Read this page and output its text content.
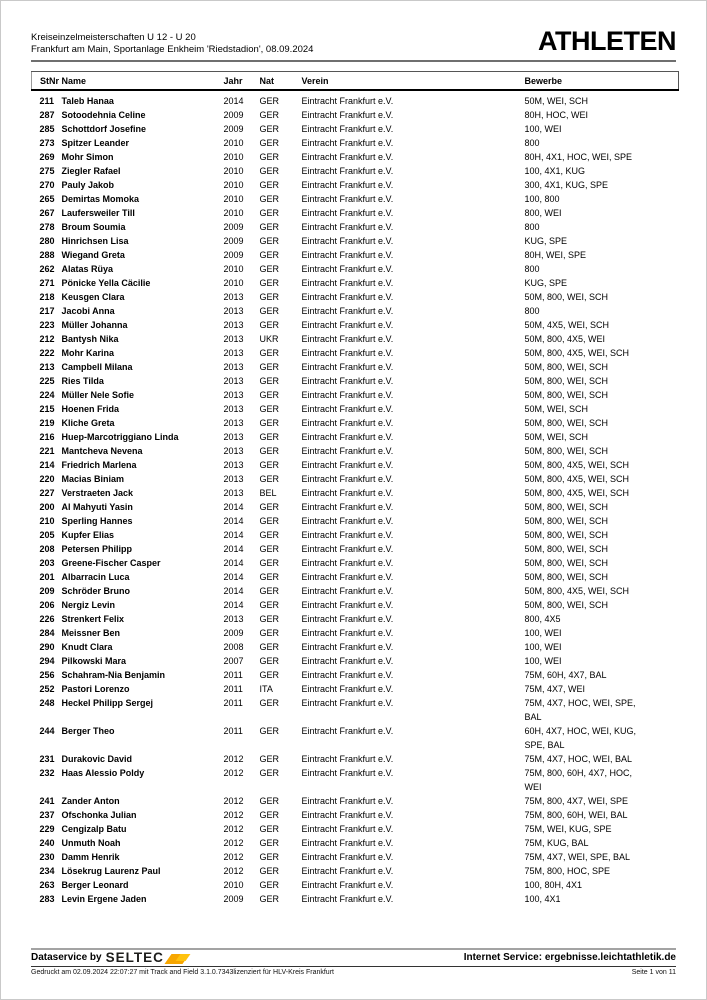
Kreiseinzelmeisterschaften U 12 - U 20
Frankfurt am Main, Sportanlage Enkheim 'Riedstadion', 08.09.2024	ATHLETEN
StNr	Name	Jahr	Nat	Verein	Bewerbe
211	Taleb Hanaa	2014	GER	Eintracht Frankfurt e.V.	50M, WEI, SCH
287	Sotoodehnia Celine	2009	GER	Eintracht Frankfurt e.V.	80H, HOC, WEI
285	Schottdorf Josefine	2009	GER	Eintracht Frankfurt e.V.	100, WEI
273	Spitzer Leander	2010	GER	Eintracht Frankfurt e.V.	800
269	Mohr Simon	2010	GER	Eintracht Frankfurt e.V.	80H, 4X1, HOC, WEI, SPE
275	Ziegler Rafael	2010	GER	Eintracht Frankfurt e.V.	100, 4X1, KUG
270	Pauly Jakob	2010	GER	Eintracht Frankfurt e.V.	300, 4X1, KUG, SPE
265	Demirtas Momoka	2010	GER	Eintracht Frankfurt e.V.	100, 800
267	Laufersweiler Till	2010	GER	Eintracht Frankfurt e.V.	800, WEI
278	Broum Soumia	2009	GER	Eintracht Frankfurt e.V.	800
280	Hinrichsen Lisa	2009	GER	Eintracht Frankfurt e.V.	KUG, SPE
288	Wiegand Greta	2009	GER	Eintracht Frankfurt e.V.	80H, WEI, SPE
262	Alatas Rüya	2010	GER	Eintracht Frankfurt e.V.	800
271	Pönicke Yella Cäcilie	2010	GER	Eintracht Frankfurt e.V.	KUG, SPE
218	Keusgen Clara	2013	GER	Eintracht Frankfurt e.V.	50M, 800, WEI, SCH
217	Jacobi Anna	2013	GER	Eintracht Frankfurt e.V.	800
223	Müller Johanna	2013	GER	Eintracht Frankfurt e.V.	50M, 4X5, WEI, SCH
212	Bantysh Nika	2013	UKR	Eintracht Frankfurt e.V.	50M, 800, 4X5, WEI
222	Mohr Karina	2013	GER	Eintracht Frankfurt e.V.	50M, 800, 4X5, WEI, SCH
213	Campbell Milana	2013	GER	Eintracht Frankfurt e.V.	50M, 800, WEI, SCH
225	Ries Tilda	2013	GER	Eintracht Frankfurt e.V.	50M, 800, WEI, SCH
224	Müller Nele Sofie	2013	GER	Eintracht Frankfurt e.V.	50M, 800, WEI, SCH
215	Hoenen Frida	2013	GER	Eintracht Frankfurt e.V.	50M, WEI, SCH
219	Kliche Greta	2013	GER	Eintracht Frankfurt e.V.	50M, 800, WEI, SCH
216	Huep-Marcotriggiano Linda	2013	GER	Eintracht Frankfurt e.V.	50M, WEI, SCH
221	Mantcheva Nevena	2013	GER	Eintracht Frankfurt e.V.	50M, 800, WEI, SCH
214	Friedrich Marlena	2013	GER	Eintracht Frankfurt e.V.	50M, 800, 4X5, WEI, SCH
220	Macias Biniam	2013	GER	Eintracht Frankfurt e.V.	50M, 800, 4X5, WEI, SCH
227	Verstraeten Jack	2013	BEL	Eintracht Frankfurt e.V.	50M, 800, 4X5, WEI, SCH
200	Al Mahyuti Yasin	2014	GER	Eintracht Frankfurt e.V.	50M, 800, WEI, SCH
210	Sperling Hannes	2014	GER	Eintracht Frankfurt e.V.	50M, 800, WEI, SCH
205	Kupfer Elias	2014	GER	Eintracht Frankfurt e.V.	50M, 800, WEI, SCH
208	Petersen Philipp	2014	GER	Eintracht Frankfurt e.V.	50M, 800, WEI, SCH
203	Greene-Fischer Casper	2014	GER	Eintracht Frankfurt e.V.	50M, 800, WEI, SCH
201	Albarracin Luca	2014	GER	Eintracht Frankfurt e.V.	50M, 800, WEI, SCH
209	Schröder Bruno	2014	GER	Eintracht Frankfurt e.V.	50M, 800, 4X5, WEI, SCH
206	Nergiz Levin	2014	GER	Eintracht Frankfurt e.V.	50M, 800, WEI, SCH
226	Strenkert Felix	2013	GER	Eintracht Frankfurt e.V.	800, 4X5
284	Meissner Ben	2009	GER	Eintracht Frankfurt e.V.	100, WEI
290	Knudt Clara	2008	GER	Eintracht Frankfurt e.V.	100, WEI
294	Pilkowski Mara	2007	GER	Eintracht Frankfurt e.V.	100, WEI
256	Schahram-Nia Benjamin	2011	GER	Eintracht Frankfurt e.V.	75M, 60H, 4X7, BAL
252	Pastori Lorenzo	2011	ITA	Eintracht Frankfurt e.V.	75M, 4X7, WEI
248	Heckel Philipp Sergej	2011	GER	Eintracht Frankfurt e.V.	75M, 4X7, HOC, WEI, SPE, BAL
244	Berger Theo	2011	GER	Eintracht Frankfurt e.V.	60H, 4X7, HOC, WEI, KUG, SPE, BAL
231	Durakovic David	2012	GER	Eintracht Frankfurt e.V.	75M, 4X7, HOC, WEI, BAL
232	Haas Alessio Poldy	2012	GER	Eintracht Frankfurt e.V.	75M, 800, 60H, 4X7, HOC, WEI
241	Zander Anton	2012	GER	Eintracht Frankfurt e.V.	75M, 800, 4X7, WEI, SPE
237	Ofschonka Julian	2012	GER	Eintracht Frankfurt e.V.	75M, 800, 60H, WEI, BAL
229	Cengizalp Batu	2012	GER	Eintracht Frankfurt e.V.	75M, WEI, KUG, SPE
240	Unmuth Noah	2012	GER	Eintracht Frankfurt e.V.	75M, KUG, BAL
230	Damm Henrik	2012	GER	Eintracht Frankfurt e.V.	75M, 4X7, WEI, SPE, BAL
234	Lösekrug Laurenz Paul	2012	GER	Eintracht Frankfurt e.V.	75M, 800, HOC, SPE
263	Berger Leonard	2010	GER	Eintracht Frankfurt e.V.	100, 80H, 4X1
283	Levin Ergene Jaden	2009	GER	Eintracht Frankfurt e.V.	100, 4X1
Dataservice by SELTEC	Internet Service: ergebnisse.leichtathletik.de
Gedruckt am 02.09.2024 22:07:27 mit Track and Field 3.1.0.7343lizenziert für HLV-Kreis Frankfurt	Seite 1 von 11
